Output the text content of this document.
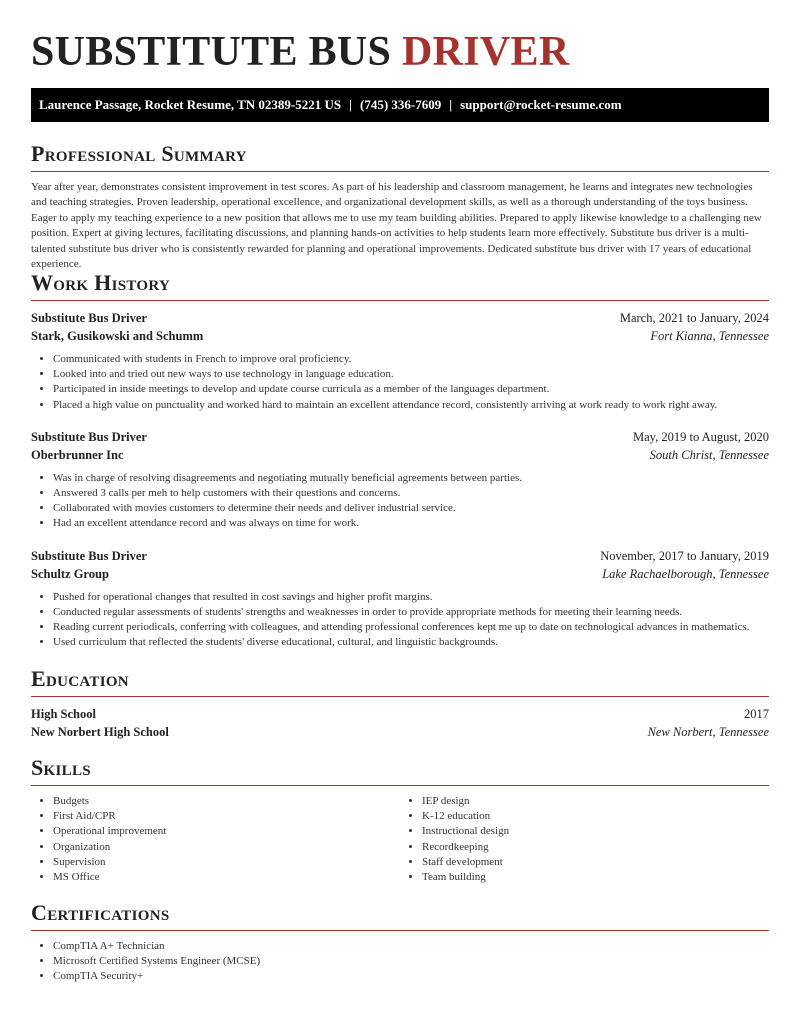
SUBSTITUTE BUS DRIVER
Laurence Passage, Rocket Resume, TN 02389-5221 US | (745) 336-7609 | support@rocket-resume.com
Professional Summary

Year after year, demonstrates consistent improvement in test scores. As part of his leadership and classroom management, he learns and integrates new technologies and teaching strategies. Proven leadership, operational excellence, and organizational development skills, as well as a thorough understanding of the toys business. Eager to apply my teaching experience to a new position that allows me to use my team building abilities. Prepared to apply likewise knowledge to a challenging new position. Expert at giving lectures, facilitating discussions, and planning hands-on activities to help students learn more effectively. Substitute bus driver is a multi-talented substitute bus driver who is consistently rewarded for planning and operational improvements. Dedicated substitute bus driver with 17 years of educational experience.

Work History
Substitute Bus Driver	March, 2021 to January, 2024
Stark, Gusikowski and Schumm	Fort Kianna, Tennessee
• Communicated with students in French to improve oral proficiency.
• Looked into and tried out new ways to use technology in language education.
• Participated in inside meetings to develop and update course curricula as a member of the languages department.
• Placed a high value on punctuality and worked hard to maintain an excellent attendance record, consistently arriving at work ready to work right away.
Substitute Bus Driver	May, 2019 to August, 2020
Oberbrunner Inc	South Christ, Tennessee
• Was in charge of resolving disagreements and negotiating mutually beneficial agreements between parties.
• Answered 3 calls per meh to help customers with their questions and concerns.
• Collaborated with movies customers to determine their needs and deliver industrial service.
• Had an excellent attendance record and was always on time for work.
Substitute Bus Driver	November, 2017 to January, 2019
Schultz Group	Lake Rachaelborough, Tennessee
• Pushed for operational changes that resulted in cost savings and higher profit margins.
• Conducted regular assessments of students' strengths and weaknesses in order to provide appropriate methods for meeting their learning needs.
• Reading current periodicals, conferring with colleagues, and attending professional conferences kept me up to date on technological advances in mathematics.
• Used curriculum that reflected the students' diverse educational, cultural, and linguistic backgrounds.
Education
High School	2017
New Norbert High School	New Norbert, Tennessee
Skills
• Budgets
• First Aid/CPR
• Operational improvement
• Organization
• Supervision
• MS Office
• IEP design
• K-12 education
• Instructional design
• Recordkeeping
• Staff development
• Team building
Certifications
• CompTIA A+ Technician
• Microsoft Certified Systems Engineer (MCSE)
• CompTIA Security+
